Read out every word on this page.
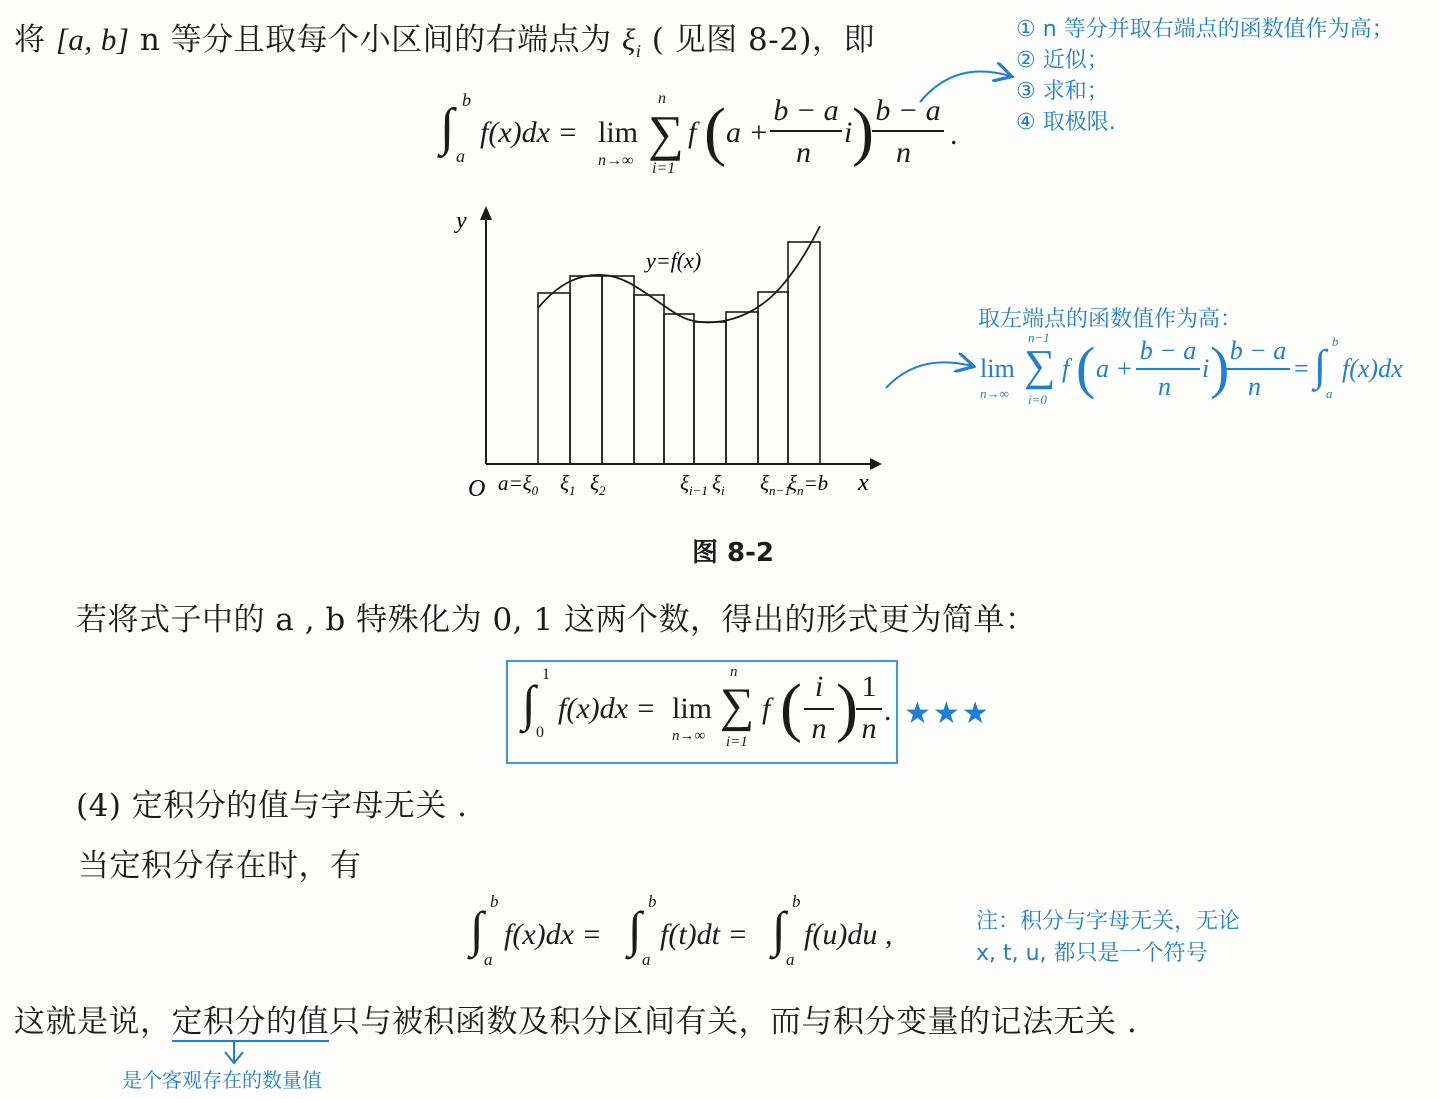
将 [a, b] n 等分且取每个小区间的右端点为 $\xi_i$ ( 见图 8-2)，即
∫ b
a
f(x)dx = lim
n→∞ ∑
n
i=1
f ( a +
b − a
n
i ) b − a
n
.
① n 等分并取右端点的函数值作为高；
② 近似；
③ 求和；
④ 取极限.
y
x
O
y=f(x)
$a=\xi_0$ $\xi_1$ $\xi_2$	$\xi_{i-1}$ $\xi_i$ $\xi_{n-1}$
$\xi_n=b$
图 8-2
取左端点的函数值作为高：
lim
n→∞
∑
n−1
i=0
f ( a +
b − a
n
i ) b − a
n
= ∫ b
a
f(x)dx
若将式子中的 a , b 特殊化为 0, 1 这两个数，得出的形式更为简单：
∫
1
0
f(x)dx = lim
n→∞
∑
n
i=1
f ( i
n ) 1
n
. ★★★
(4) 定积分的值与字母无关 .
当定积分存在时，有
∫ b
a
f(x)dx = ∫ b
a
f(t)dt = ∫ b
a
f(u)du ,	注：积分与字母无关，无论
x, t, u, 都只是一个符号
这就是说，定积分的值只与被积函数及积分区间有关，而与积分变量的记法无关 .
是个客观存在的数量值
